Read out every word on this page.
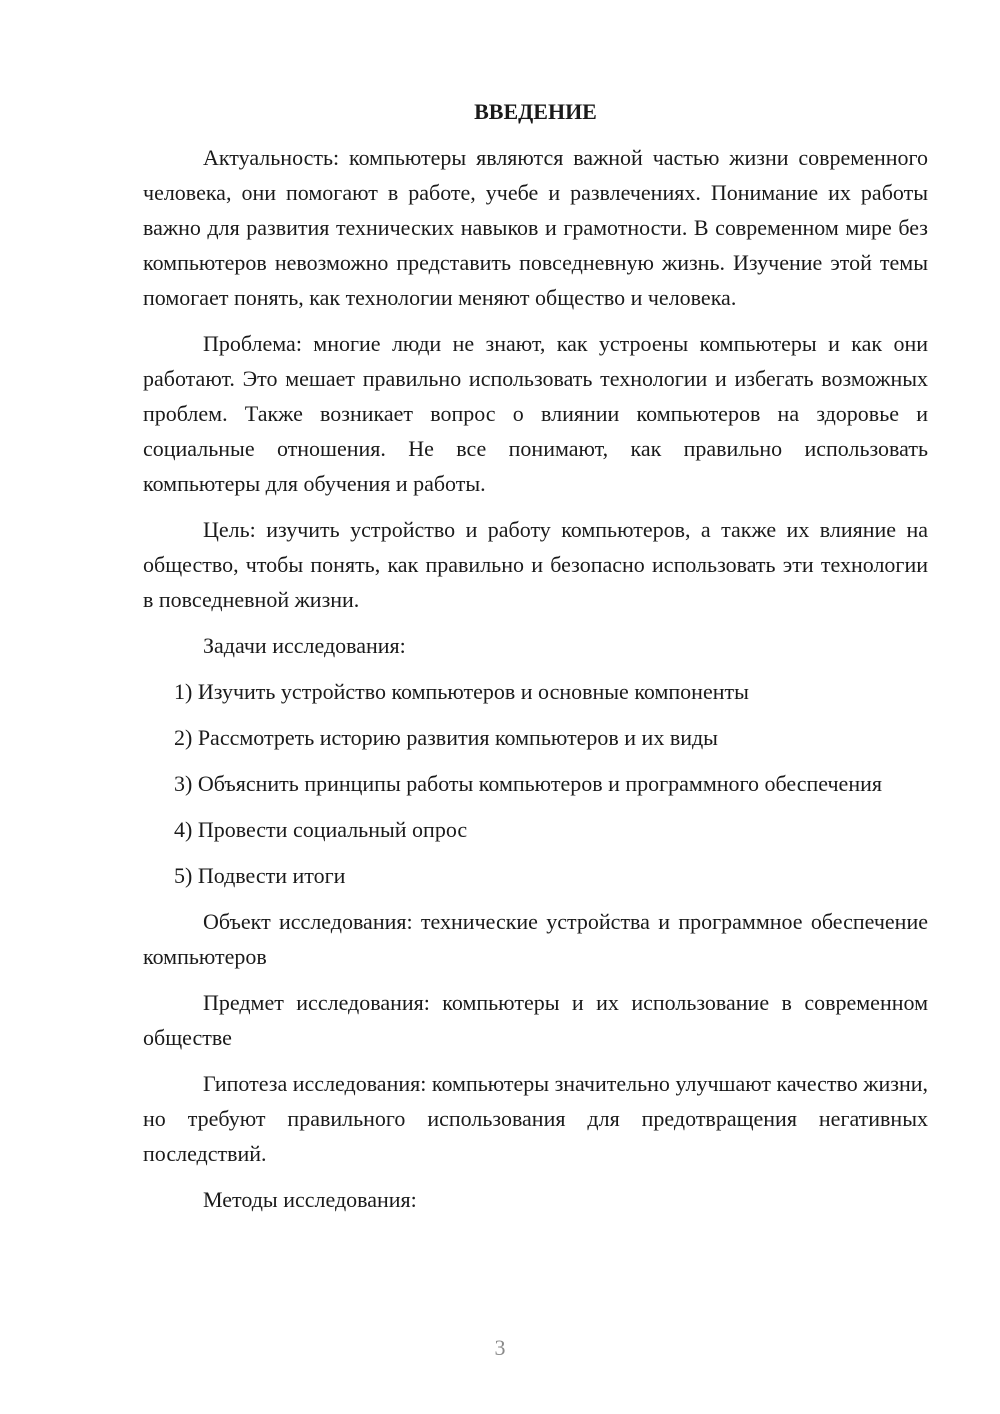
ВВЕДЕНИЕ

Актуальность: компьютеры являются важной частью жизни современного человека, они помогают в работе, учебе и развлечениях. Понимание их работы важно для развития технических навыков и грамотности. В современном мире без компьютеров невозможно представить повседневную жизнь. Изучение этой темы помогает понять, как технологии меняют общество и человека.

Проблема: многие люди не знают, как устроены компьютеры и как они работают. Это мешает правильно использовать технологии и избегать возможных проблем. Также возникает вопрос о влиянии компьютеров на здоровье и социальные отношения. Не все понимают, как правильно использовать компьютеры для обучения и работы.

Цель: изучить устройство и работу компьютеров, а также их влияние на общество, чтобы понять, как правильно и безопасно использовать эти технологии в повседневной жизни.

Задачи исследования:

1) Изучить устройство компьютеров и основные компоненты

2) Рассмотреть историю развития компьютеров и их виды

3) Объяснить принципы работы компьютеров и программного обеспечения

4) Провести социальный опрос

5) Подвести итоги

Объект исследования: технические устройства и программное обеспечение компьютеров

Предмет исследования: компьютеры и их использование в современном обществе

Гипотеза исследования: компьютеры значительно улучшают качество жизни, но требуют правильного использования для предотвращения негативных последствий.

Методы исследования:

3
